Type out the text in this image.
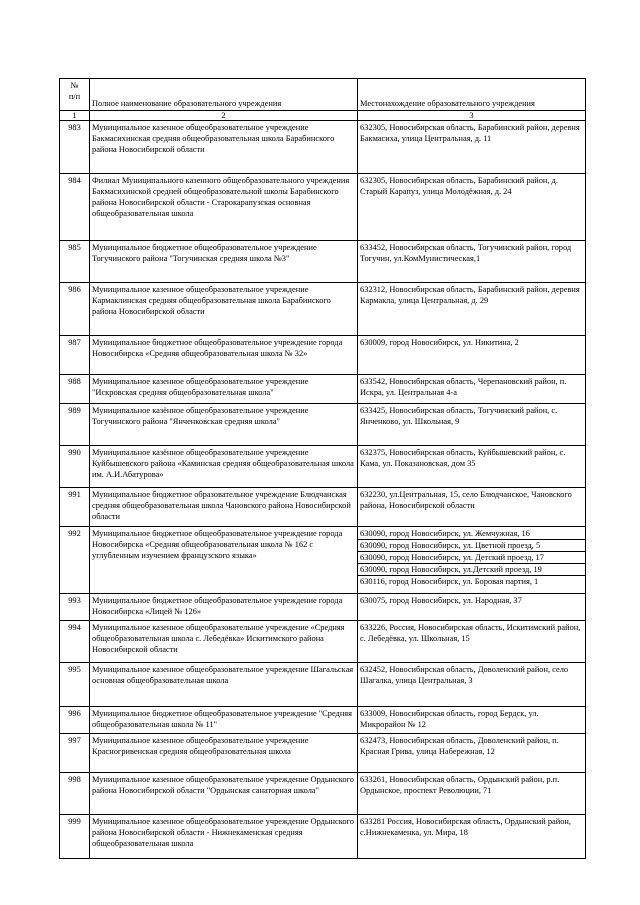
№
п/п	Полное наименование образовательного учреждения	Местонахождение образовательного учреждения
1	2	3
983	Муниципальное казенное общеобразовательное учреждение Бакмасихинская средняя общеобразовательная школа Барабинского района Новосибирской области	632305, Новосибирская область, Барабинский район, деревня Бакмасиха, улица Центральная, д. 11
984	Филиал Муниципального казенного общеобразовательного учреждения Бакмасихинской средней общеобразовательной школы Барабинского района Новосибирской области - Старокарапузская основная общеобразовательная школа	632305, Новосибирская область, Барабинский район, д. Старый Карапуз, улица Молодёжная, д. 24
985	Муниципальное бюджетное общеобразовательное учреждение Тогучинского района "Тогучинская средняя школа №3"	633452, Новосибирская область, Тогучинский район, город Тогучин, ул.КомМунистическая,1
986	Муниципальное казенное общеобразовательное учреждение Кармаклинская средняя общеобразовательная школа Барабинского района Новосибирской области	632312, Новосибирская область, Барабинский район, деревня Кармакла, улица Центральная, д. 29
987	Муниципальное бюджетное общеобразовательное учреждение города Новосибирска «Средняя общеобразовательная школа № 32»	630009, город Новосибирск, ул. Никитина, 2
988	Муниципальное казенное общеобразовательное учреждение "Искровская средняя общеобразовательная школа"	633542, Новосибирская область, Черепановский район, п. Искра, ул. Центральная 4-а
989	Муниципальное казённое общеобразовательное учреждение Тогучинского района "Янченковская средняя школа"	633425, Новосибирская область, Тогучинский район, с. Янченково, ул. Школьная, 9
990	Муниципальное казённое общеобразовательное учреждение Куйбышевского района «Каминская средняя общеобразовательная школа им. А.И.Абатурова»	632375, Новосибирская область, Куйбышевский район, с. Кама, ул. Показановская, дом 35
991	Муниципальное бюджетное образовательное учреждение Блюдчанская средняя общеобразовательная школа Чановского района Новосибирской области	632230, ул.Центральная, 15, село Блюдчанское, Чановского района, Новосибирской области
992	Муниципальное бюджетное общеобразовательное учреждение города Новосибирска «Средняя общеобразовательная школа № 162 с углубленным изучением французского языка»	630090, город Новосибирск, ул. Жемчужная, 16
630090, город Новосибирск, ул. Цветной проезд, 5
630090, город Новосибирск, ул. Детский проезд, 17
630090, город Новосибирск, ул.Детский проезд, 19
630116, город Новосибирск, ул. Боровая партия, 1

993	Муниципальное бюджетное общеобразовательное учреждение города Новосибирска «Лицей № 126»	630075, город Новосибирск, ул. Народная, 37
994	Муниципальное казенное общеобразовательное учреждение «Средняя общеобразовательная школа с. Лебедёвка» Искитимского района Новосибирской области	633226, Россия, Новосибирская область, Искитимский район, с. Лебедёвка, ул. Школьная, 15
995	Муниципальное казенное общеобразовательное учреждение Шагальская основная общеобразовательная школа	632452, Новосибирская область, Доволенский район, село Шагалка, улица Центральная, 3
996	Муниципальное бюджетное общеобразовательное учреждение "Средняя общеобразовательная школа № 11"	633009, Новосибирская область, город Бердск, ул. Микрорайон № 12
997	Муниципальное казенное общеобразовательное учреждение Красногривенская средняя общеобразовательная школа	632473, Новосибирская область, Доволенский район, п. Красная Грива, улица Набережная, 12
998	Муниципальное казенное общеобразовательное учреждение Ордынского района Новосибирской области "Ордынская санаторная школа"	633261, Новосибирская область, Ордынский район, р.п. Ордынское, проспект Революции, 71
999	Муниципальное казенное общеобразовательное учреждение Ордынского района Новосибирской области - Нижнекаменская средняя общеобразовательная школа	633281 Россия, Новосибирская область, Ордынский район, с.Нижнекаменка, ул. Мира, 18
